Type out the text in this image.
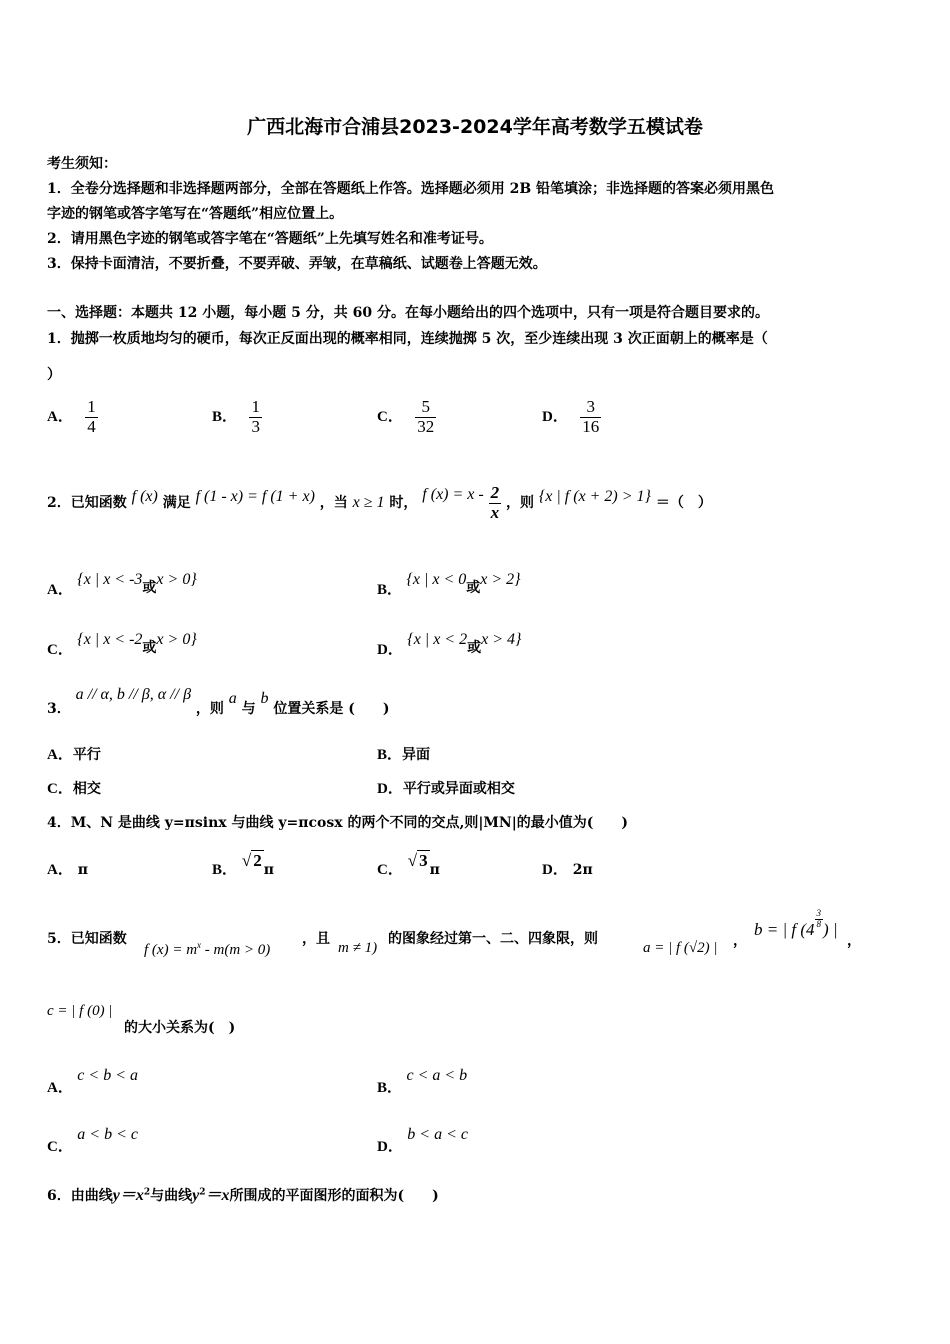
广西北海市合浦县2023-2024学年高考数学五模试卷
考生须知：
1．全卷分选择题和非选择题两部分，全部在答题纸上作答。选择题必须用 2B 铅笔填涂；非选择题的答案必须用黑色
字迹的钢笔或答字笔写在“答题纸”相应位置上。
2．请用黑色字迹的钢笔或答字笔在“答题纸”上先填写姓名和准考证号。
3．保持卡面清洁，不要折叠，不要弄破、弄皱，在草稿纸、试题卷上答题无效。
一、选择题：本题共 12 小题，每小题 5 分，共 60 分。在每小题给出的四个选项中，只有一项是符合题目要求的。
1．抛掷一枚质地均匀的硬币，每次正反面出现的概率相同，连续抛掷 5 次，至少连续出现 3 次正面朝上的概率是（
）
A． $\frac{1}{4}$	B． $\frac{1}{3}$	C． $\frac{5}{32}$	D． $\frac{3}{16}$
2．已知函数 f (x) 满足 f (1 - x) = f (1 + x) ，当 x ≥ 1 时， f $(x) = x - \frac{2}{x}$ ，则 {x | f (x + 2) > 1} ＝（　）
A． {x | x < -3或x > 0}
B． {x | x < 0或x > 2}
C． {x | x < -2或x > 0}
D． {x | x < 2或x > 4}
3． a // α, b // β, α // β ，则 a 与 b 位置关系是 (　　)
A．平行	B．异面
C．相交	D．平行或异面或相交
4．M、N 是曲线 y=πsinx 与曲线 y=πcosx 的两个不同的交点,则|MN|的最小值为(　　)
A． π	B． √ 2 π	C． √ 3 π	D． 2π
5．已知函数
f $(x) = m^x - m(m > 0)$
，且
m ≠ 1)
的图象经过第一、二、四象限，则
a = | f (√2) | ，
b = | f (4
$\frac{3}{8}$
) |
，
c = | f (0) |
的大小关系为(　)
A． c < b < a
B． c < a < b
C． a < b < c
D． b < a < c
6．由曲线$y=x^2$与曲线$y^2=x$所围成的平面图形的面积为(　　)
